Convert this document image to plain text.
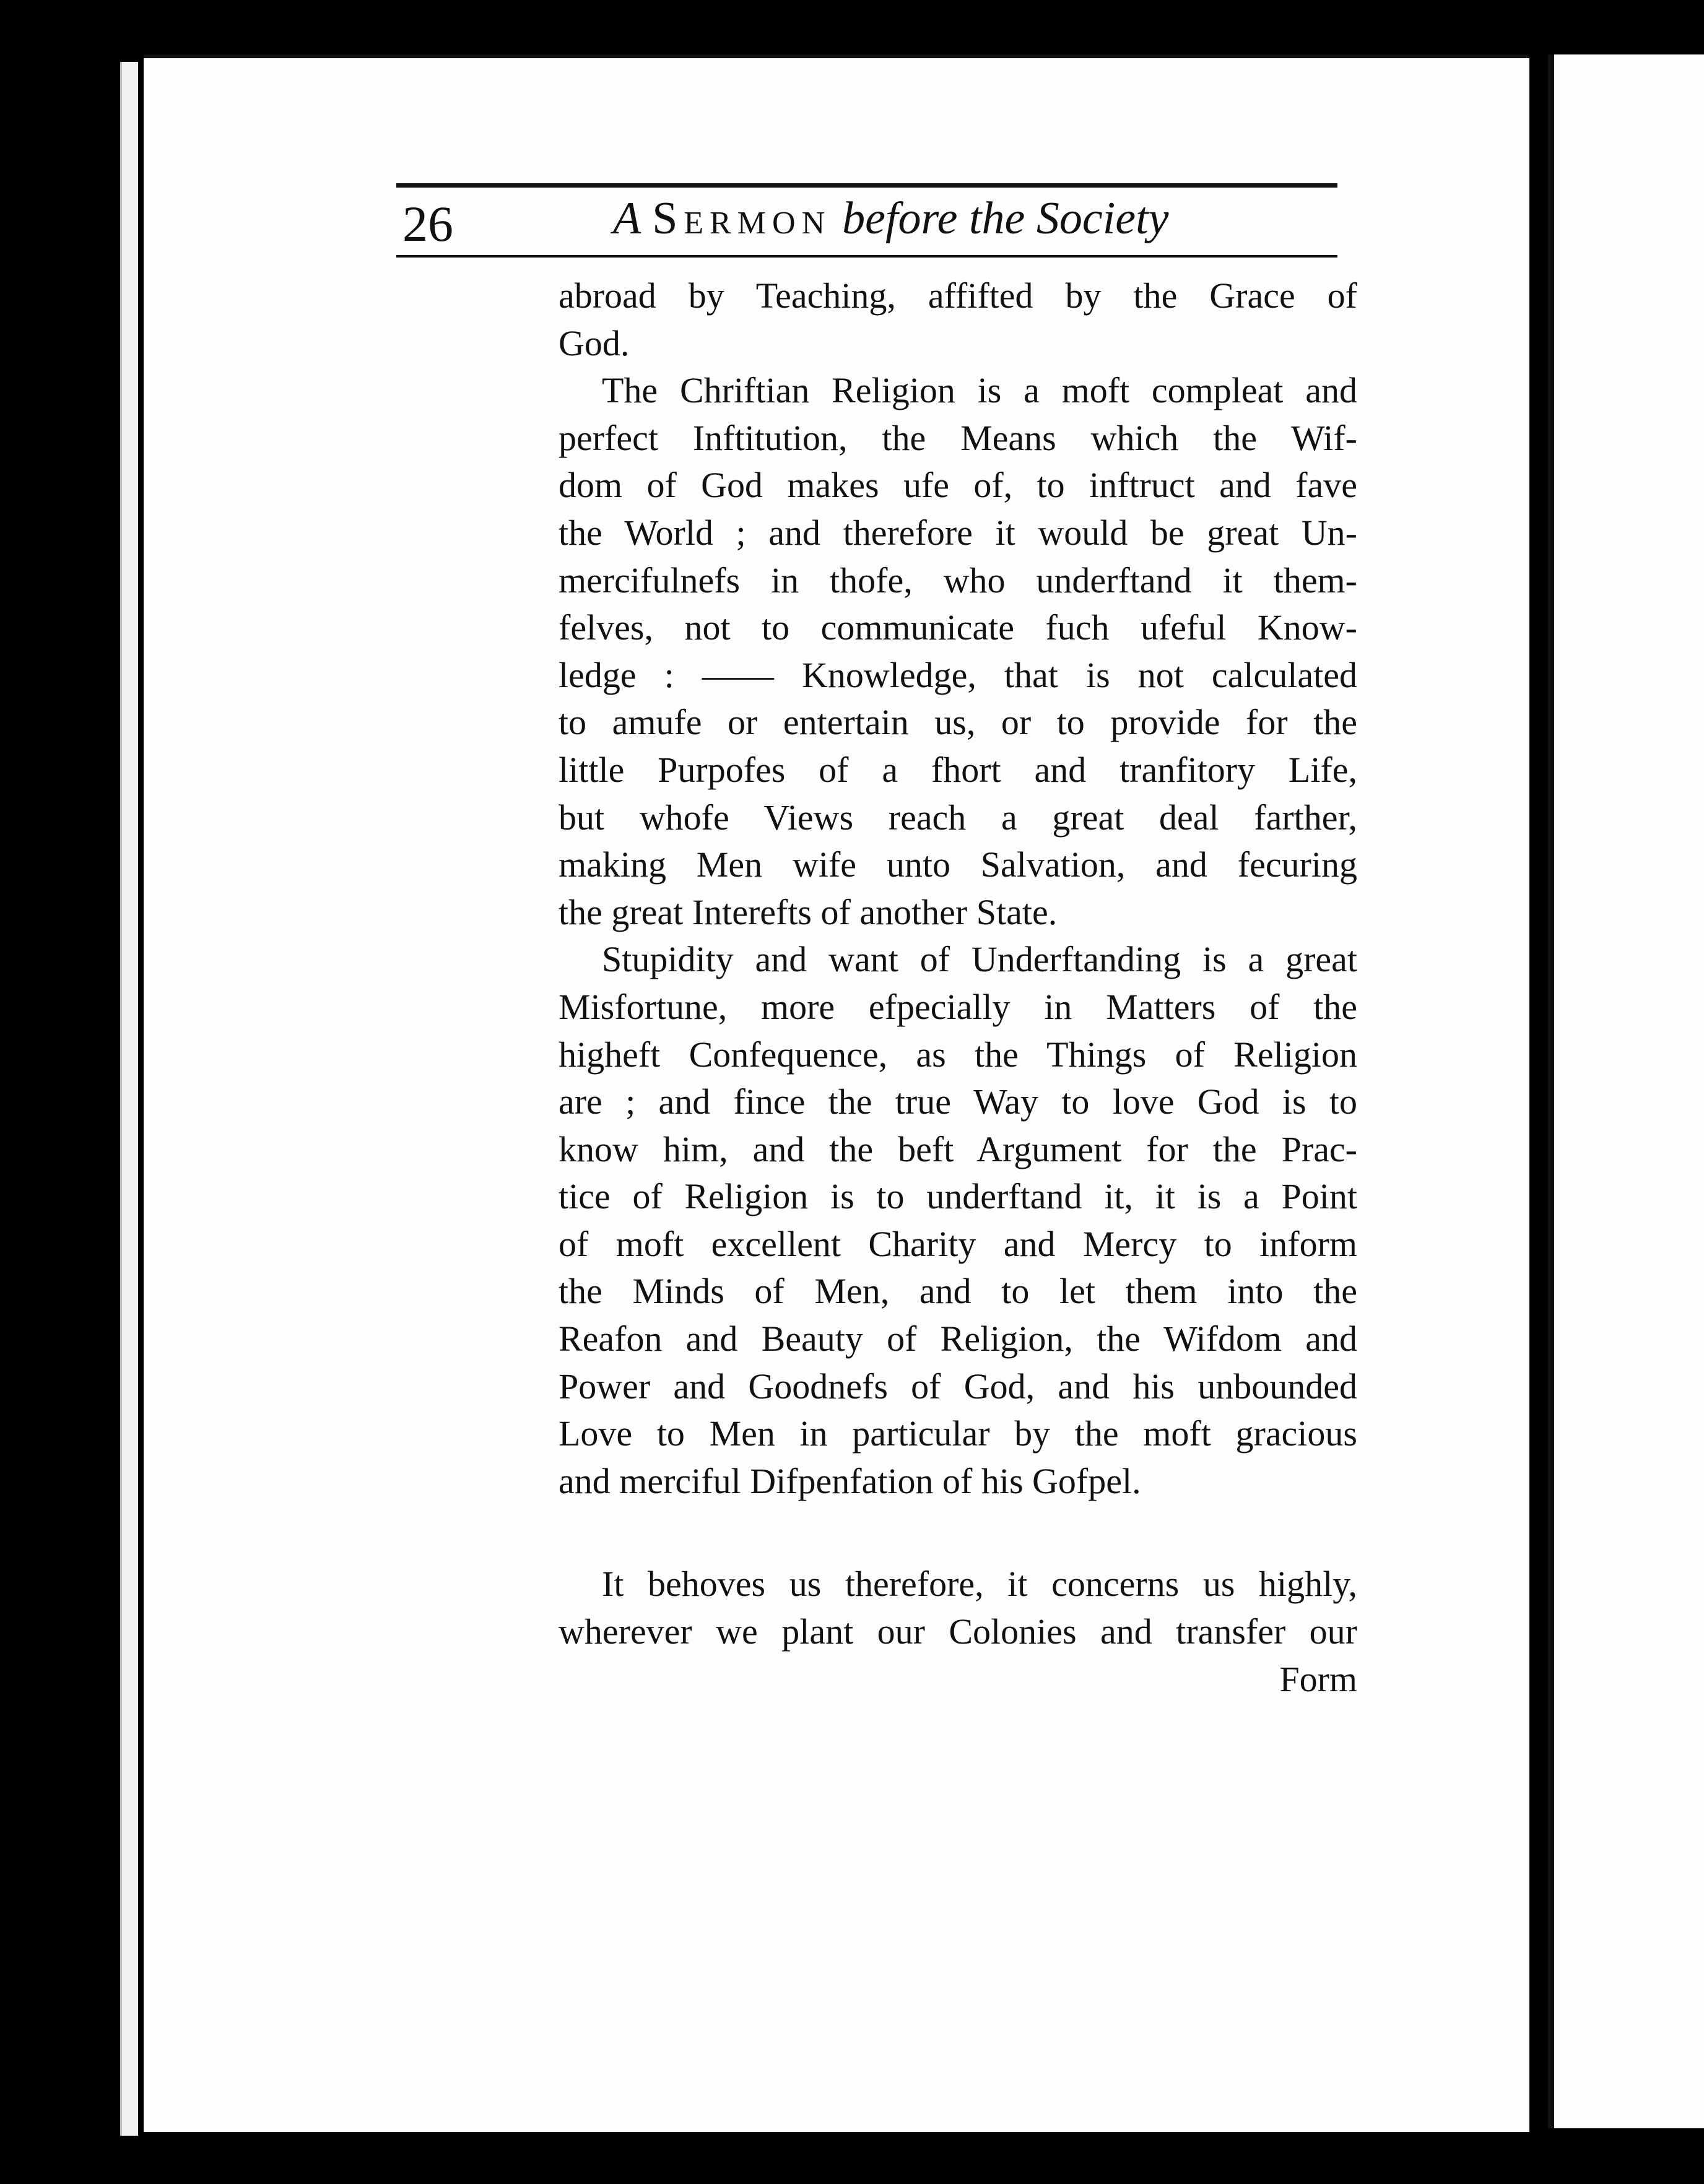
26	A Sermon before the Society
abroad by Teaching, affifted by the Grace of
God.
The Chriftian Religion is a moft compleat and
perfect Inftitution, the Means which the Wif-
dom of God makes ufe of, to inftruct and fave
the World ; and therefore it would be great Un-
mercifulnefs in thofe, who underftand it them-
felves, not to communicate fuch ufeful Know-
ledge : —— Knowledge, that is not calculated
to amufe or entertain us, or to provide for the
little Purpofes of a fhort and tranfitory Life,
but whofe Views reach a great deal farther,
making Men wife unto Salvation, and fecuring
the great Interefts of another State.
Stupidity and want of Underftanding is a great
Misfortune, more efpecially in Matters of the
higheft Confequence, as the Things of Religion
are ; and fince the true Way to love God is to
know him, and the beft Argument for the Prac-
tice of Religion is to underftand it, it is a Point
of moft excellent Charity and Mercy to inform
the Minds of Men, and to let them into the
Reafon and Beauty of Religion, the Wifdom and
Power and Goodnefs of God, and his unbounded
Love to Men in particular by the moft gracious
and merciful Difpenfation of his Gofpel.
It behoves us therefore, it concerns us highly,
wherever we plant our Colonies and transfer our
Form
